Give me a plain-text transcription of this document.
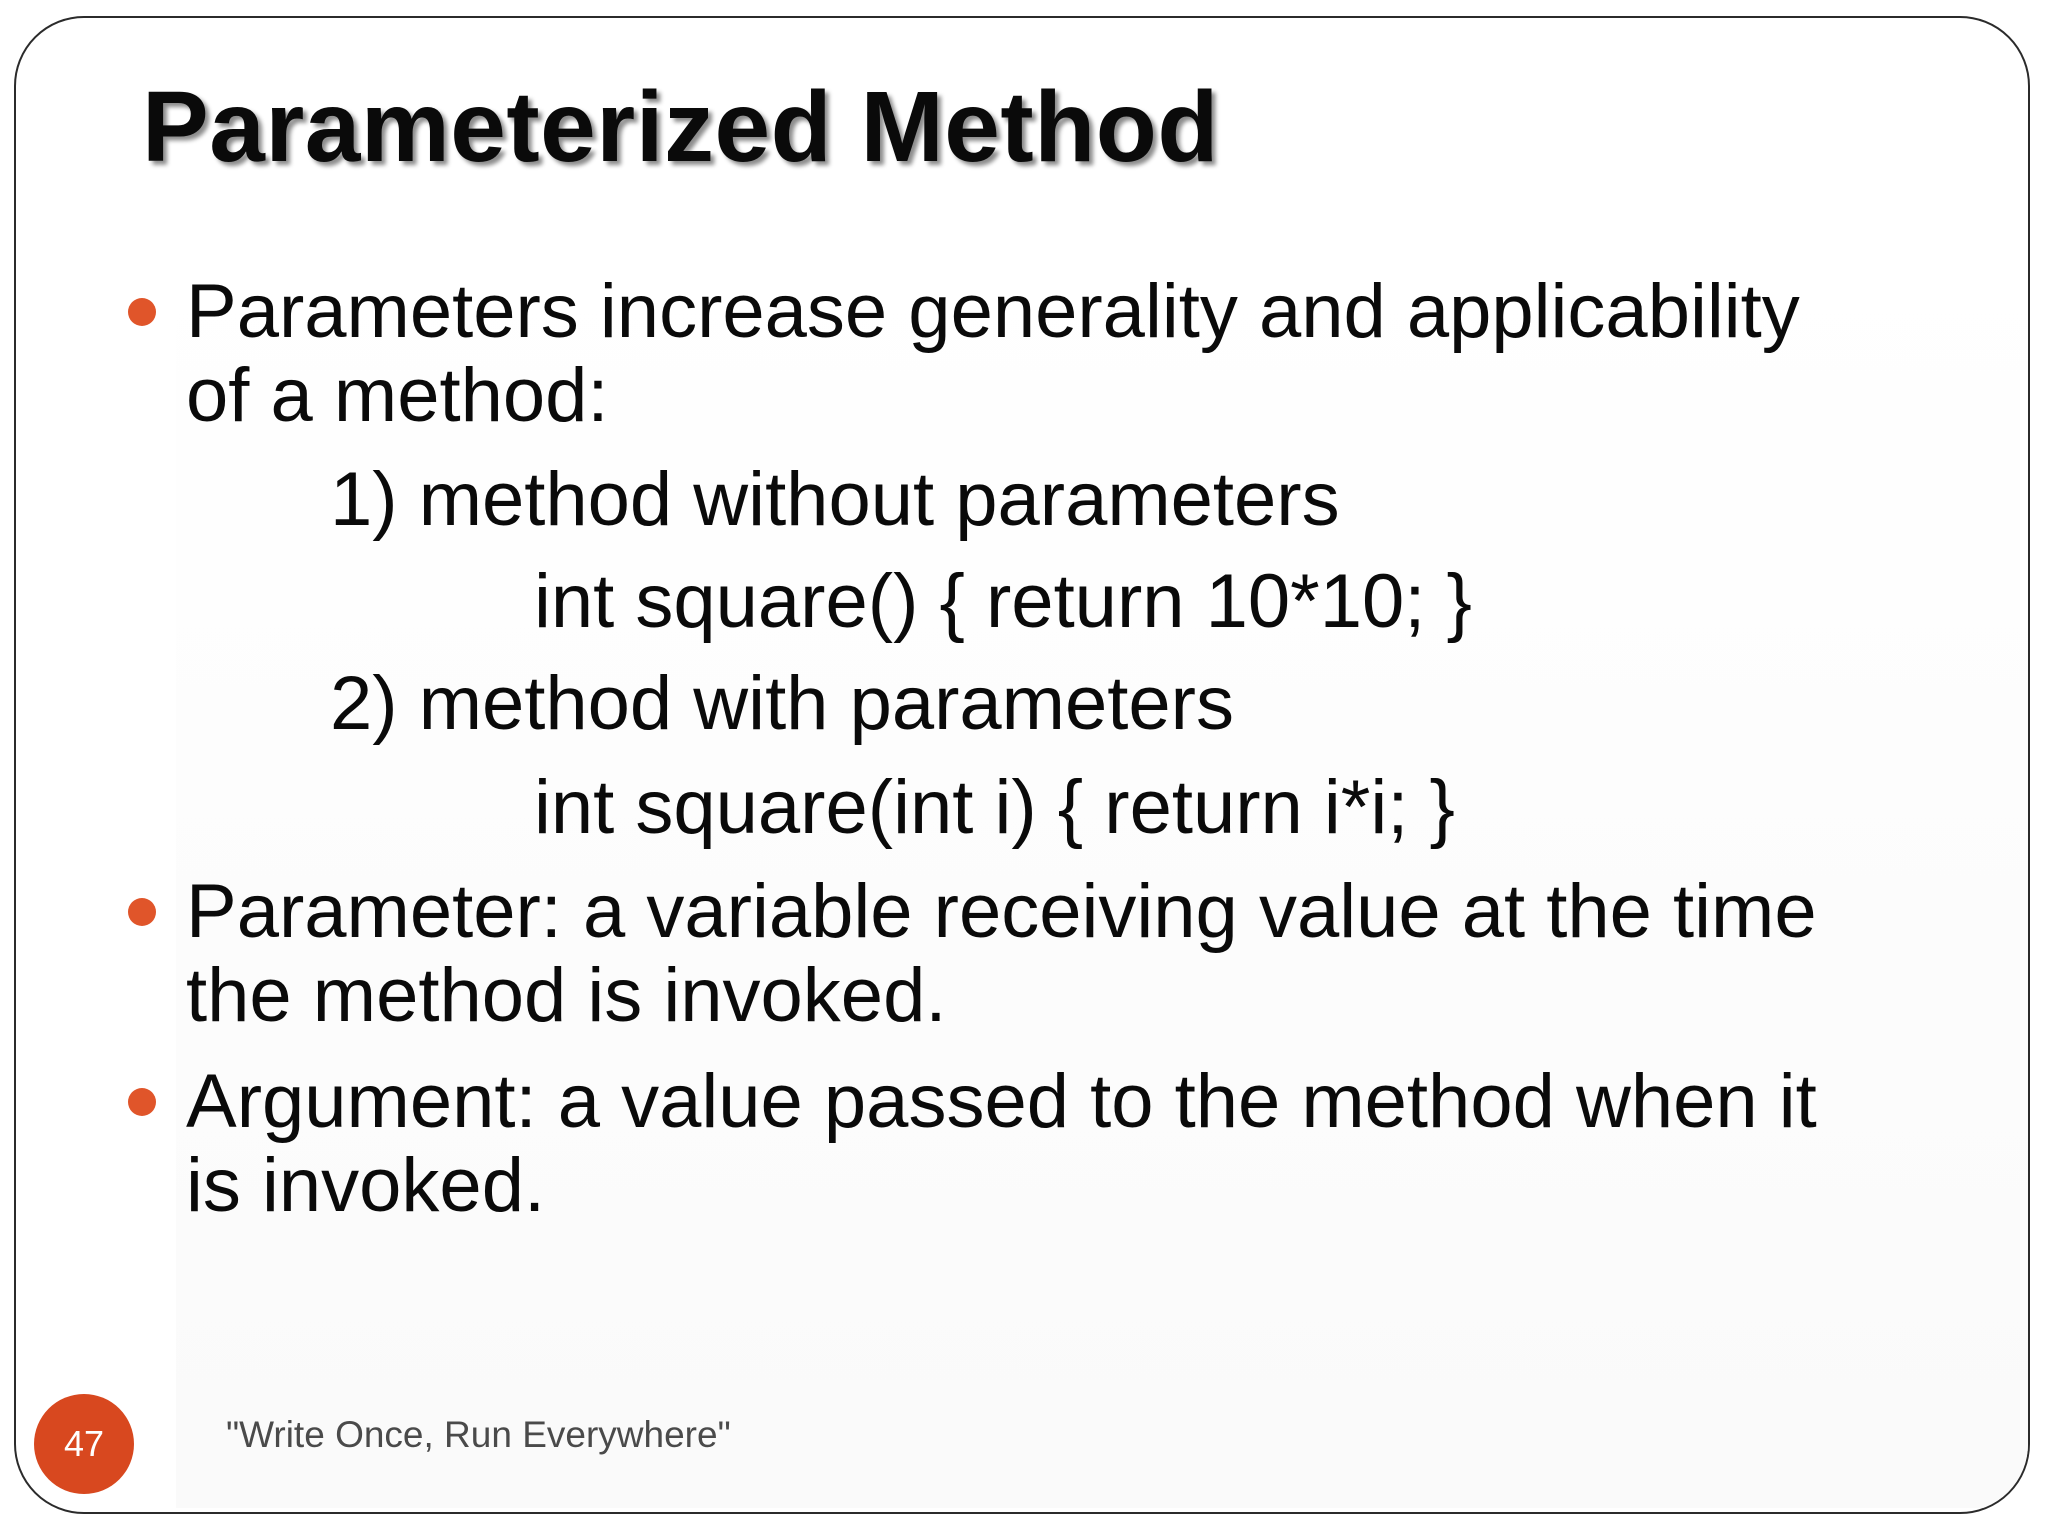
Parameterized Method

Parameters increase generality and applicability

of a method:

1) method without parameters

int square() { return 10*10; }

2) method with parameters

int square(int i) { return i*i; }

Parameter: a variable receiving value at the time

the method is invoked.

Argument: a value passed to the method when it

is invoked.

47	"Write Once, Run Everywhere"
